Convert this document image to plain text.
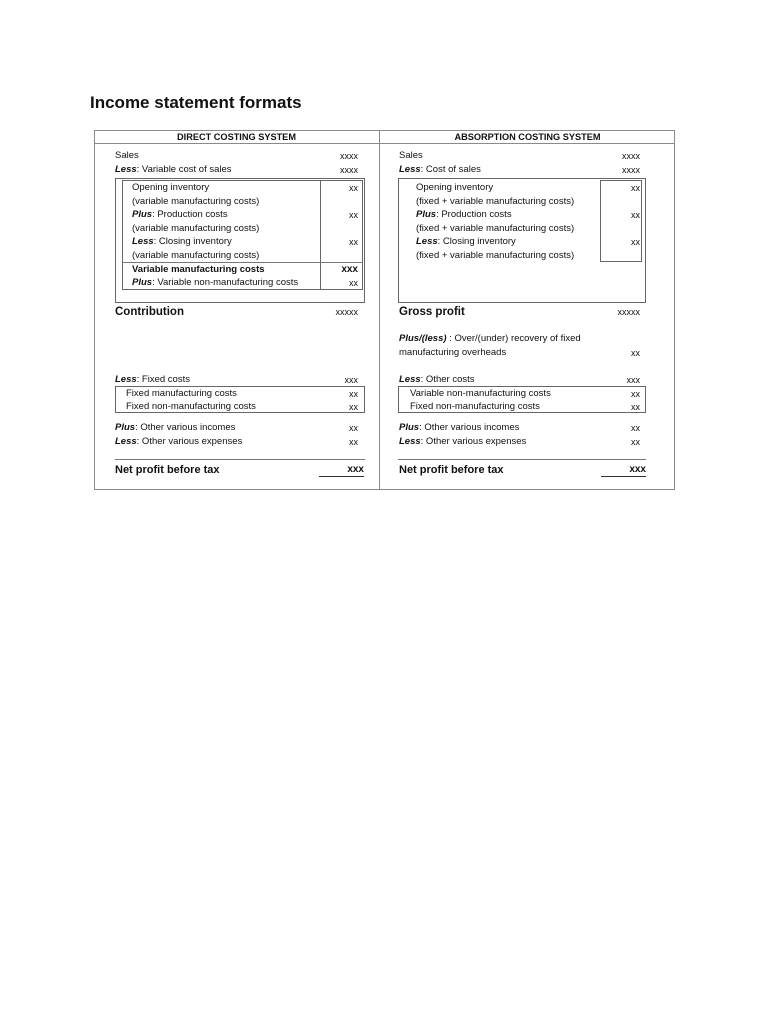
Income statement formats
DIRECT COSTING SYSTEM	ABSORPTION COSTING SYSTEM
Sales	xxxx
Less: Variable cost of sales	xxxx
Opening inventory	xx
(variable manufacturing costs)
Plus: Production costs	xx
(variable manufacturing costs)
Less: Closing inventory	xx
(variable manufacturing costs)
Variable manufacturing costs	xxx
Plus: Variable non-manufacturing costs	xx
Contribution	xxxxx
Less: Fixed costs	xxx
Fixed manufacturing costs	xx
Fixed non-manufacturing costs	xx
Plus: Other various incomes	xx
Less: Other various expenses	xx
Net profit before tax	xxx
Sales	xxxx
Less: Cost of sales	xxxx
Opening inventory	xx
(fixed + variable manufacturing costs)
Plus: Production costs	xx
(fixed + variable manufacturing costs)
Less: Closing inventory	xx
(fixed + variable manufacturing costs)
Gross profit	xxxxx
Plus/(less) : Over/(under) recovery of fixed
manufacturing overheads	xx
Less: Other costs	xxx
Variable non-manufacturing costs	xx
Fixed non-manufacturing costs	xx
Plus: Other various incomes	xx
Less: Other various expenses	xx
Net profit before tax	xxx
